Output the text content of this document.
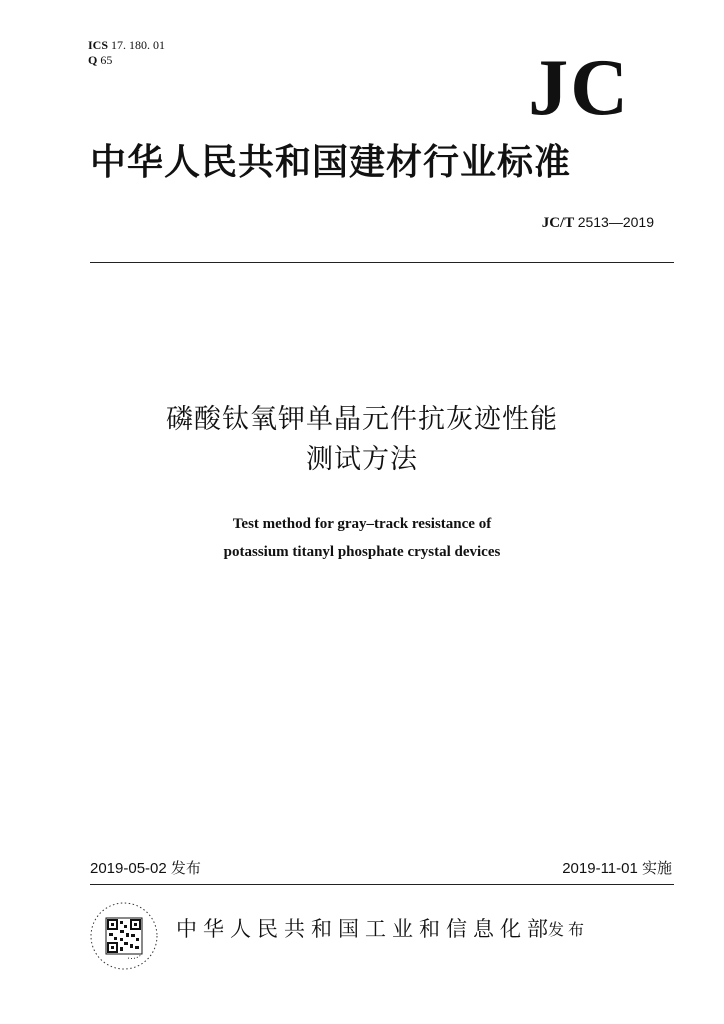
ICS 17. 180. 01
Q 65	JC
中华人民共和国建材行业标准
JC/T 2513—2019
磷酸钛氧钾单晶元件抗灰迹性能
测试方法
Test method for gray–track resistance of
potassium titanyl phosphate crystal devices
2019-05-02 发布	2019-11-01 实施
中华人民共和国工业和信息化部
发布
